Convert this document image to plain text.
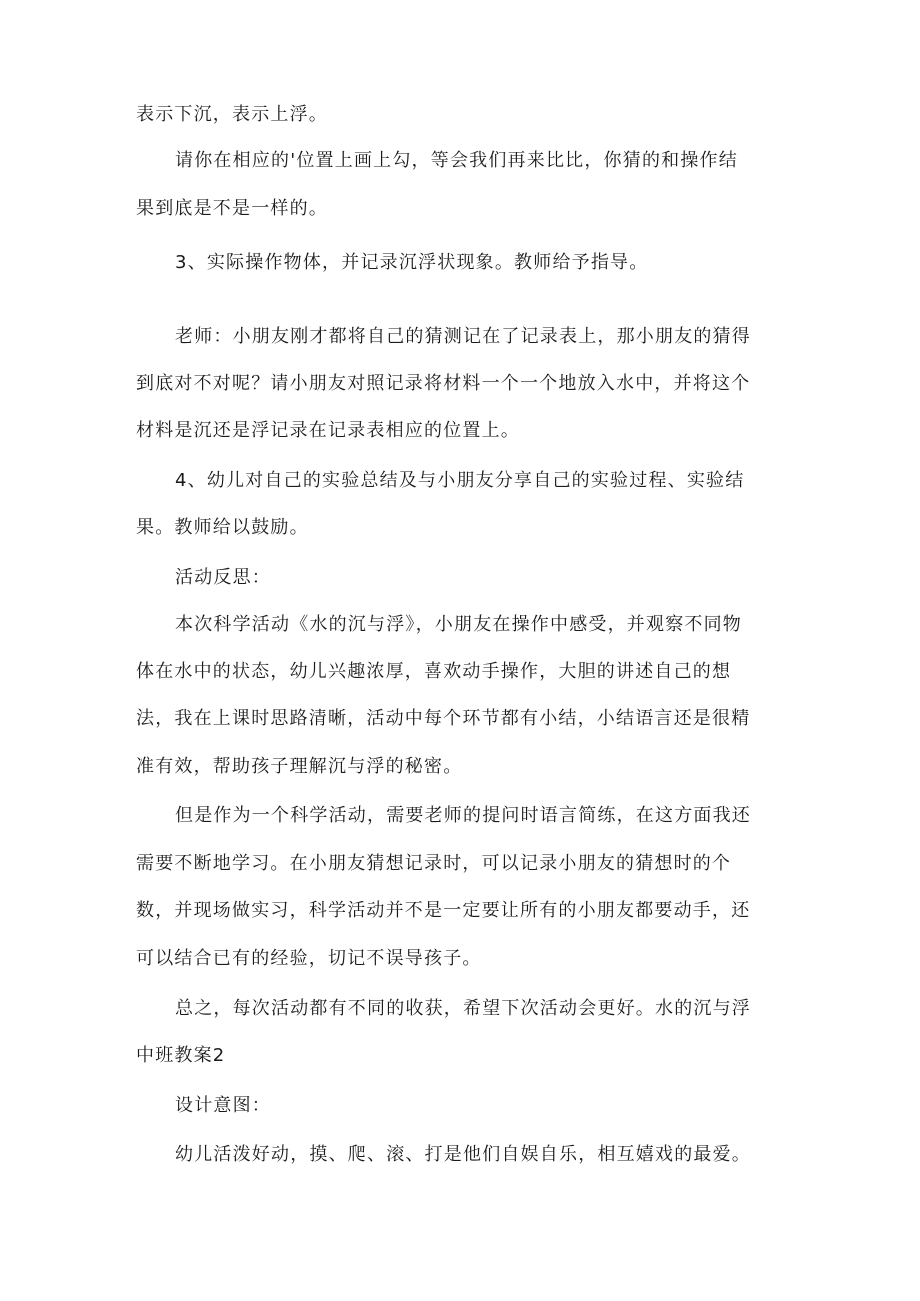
表示下沉，表示上浮。
请你在相应的'位置上画上勾，等会我们再来比比，你猜的和操作结
果到底是不是一样的。
3、实际操作物体，并记录沉浮状现象。教师给予指导。
老师：小朋友刚才都将自己的猜测记在了记录表上，那小朋友的猜得
到底对不对呢？请小朋友对照记录将材料一个一个地放入水中，并将这个
材料是沉还是浮记录在记录表相应的位置上。
4、幼儿对自己的实验总结及与小朋友分享自己的实验过程、实验结
果。教师给以鼓励。
活动反思：
本次科学活动《水的沉与浮》，小朋友在操作中感受，并观察不同物
体在水中的状态，幼儿兴趣浓厚，喜欢动手操作，大胆的讲述自己的想
法，我在上课时思路清晰，活动中每个环节都有小结，小结语言还是很精
准有效，帮助孩子理解沉与浮的秘密。
但是作为一个科学活动，需要老师的提问时语言简练，在这方面我还
需要不断地学习。在小朋友猜想记录时，可以记录小朋友的猜想时的个
数，并现场做实习，科学活动并不是一定要让所有的小朋友都要动手，还
可以结合已有的经验，切记不误导孩子。
总之，每次活动都有不同的收获，希望下次活动会更好。水的沉与浮
中班教案2
设计意图：
幼儿活泼好动，摸、爬、滚、打是他们自娱自乐，相互嬉戏的最爱。
